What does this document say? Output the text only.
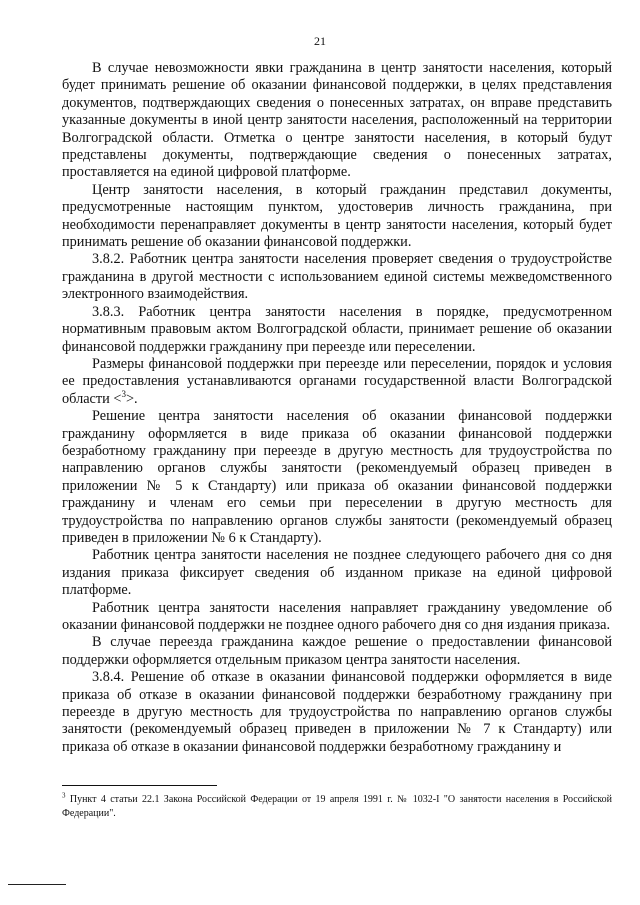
21

В случае невозможности явки гражданина в центр занятости населения, который будет принимать решение об оказании финансовой поддержки, в целях представления документов, подтверждающих сведения о понесенных затратах, он вправе представить указанные документы в иной центр занятости населения, расположенный на территории Волгоградской области. Отметка о центре занятости населения, в который будут представлены документы, подтверждающие сведения о понесенных затратах, проставляется на единой цифровой платформе.

Центр занятости населения, в который гражданин представил документы, предусмотренные настоящим пунктом, удостоверив личность гражданина, при необходимости перенаправляет документы в центр занятости населения, который будет принимать решение об оказании финансовой поддержки.

3.8.2. Работник центра занятости населения проверяет сведения о трудоустройстве гражданина в другой местности с использованием единой системы межведомственного электронного взаимодействия.

3.8.3. Работник центра занятости населения в порядке, предусмотренном нормативным правовым актом Волгоградской области, принимает решение об оказании финансовой поддержки гражданину при переезде или переселении.

Размеры финансовой поддержки при переезде или переселении, порядок и условия ее предоставления устанавливаются органами государственной власти Волгоградской области <$^3$>.

Решение центра занятости населения об оказании финансовой поддержки гражданину оформляется в виде приказа об оказании финансовой поддержки безработному гражданину при переезде в другую местность для трудоустройства по направлению органов службы занятости (рекомендуемый образец приведен в приложении № 5 к Стандарту) или приказа об оказании финансовой поддержки гражданину и членам его семьи при переселении в другую местность для трудоустройства по направлению органов службы занятости (рекомендуемый образец приведен в приложении № 6 к Стандарту).

Работник центра занятости населения не позднее следующего рабочего дня со дня издания приказа фиксирует сведения об изданном приказе на единой цифровой платформе.

Работник центра занятости населения направляет гражданину уведомление об оказании финансовой поддержки не позднее одного рабочего дня со дня издания приказа.

В случае переезда гражданина каждое решение о предоставлении финансовой поддержки оформляется отдельным приказом центра занятости населения.

3.8.4. Решение об отказе в оказании финансовой поддержки оформляется в виде приказа об отказе в оказании финансовой поддержки безработному гражданину при переезде в другую местность для трудоустройства по направлению органов службы занятости (рекомендуемый образец приведен в приложении № 7 к Стандарту) или приказа об отказе в оказании финансовой поддержки безработному гражданину и

$^3$ Пункт 4 статьи 22.1 Закона Российской Федерации от 19 апреля 1991 г. № 1032-I "О занятости населения в Российской Федерации".
